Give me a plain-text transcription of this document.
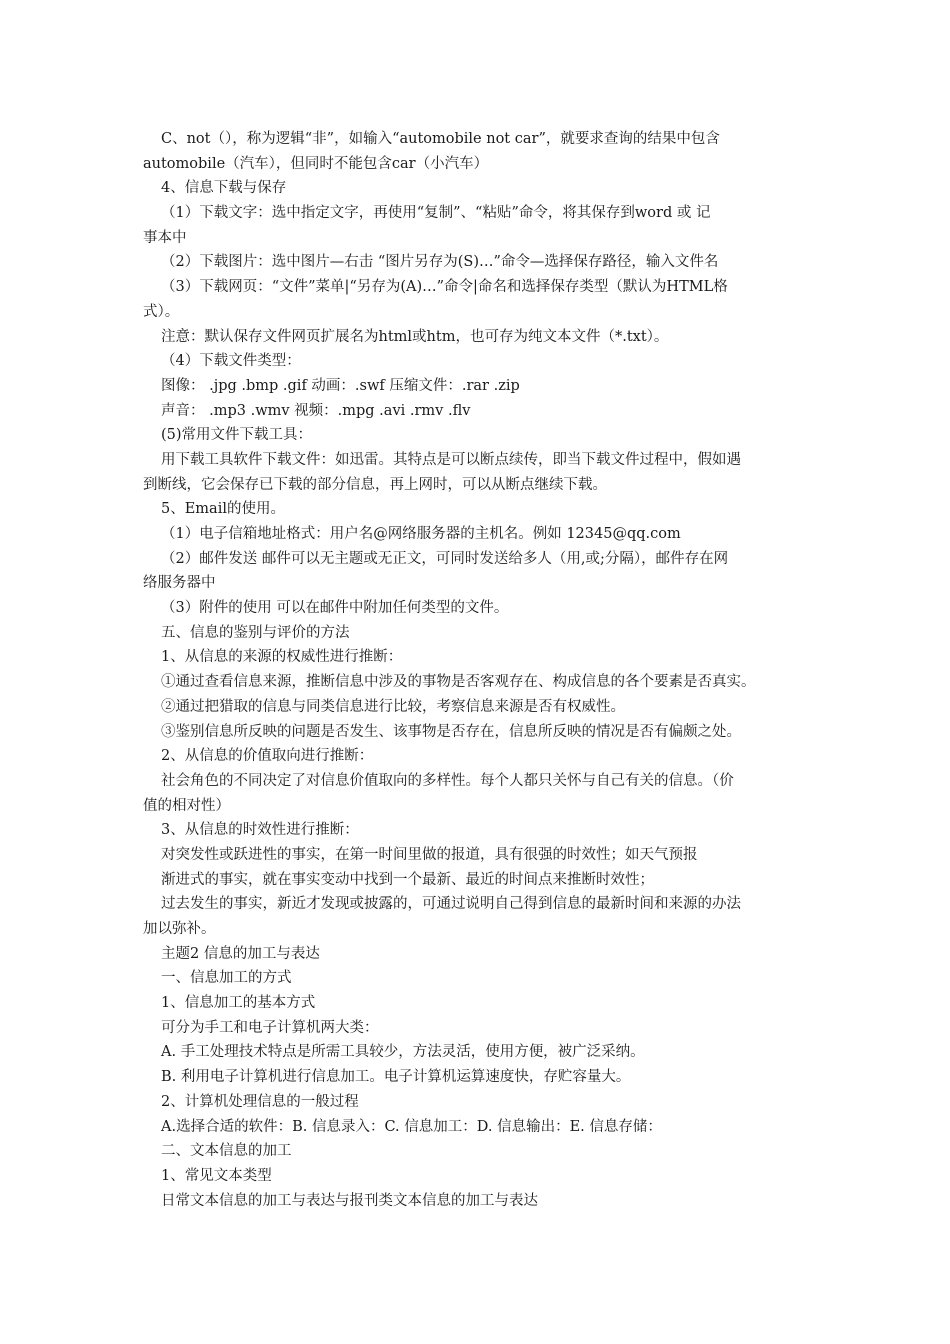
C、not（），称为逻辑“非”，如输入“automobile not car”，就要求查询的结果中包含
automobile（汽车），但同时不能包含car（小汽车）
4、信息下载与保存
（1）下载文字：选中指定文字，再使用“复制”、“粘贴”命令，将其保存到word 或 记
事本中
（2）下载图片：选中图片—右击 “图片另存为(S)…”命令—选择保存路径，输入文件名
（3）下载网页：“文件”菜单|“另存为(A)…”命令|命名和选择保存类型（默认为HTML格
式）。
注意：默认保存文件网页扩展名为html或htm，也可存为纯文本文件（*.txt）。
（4）下载文件类型：
图像： .jpg .bmp .gif 动画：.swf 压缩文件：.rar .zip
声音： .mp3 .wmv 视频：.mpg .avi .rmv .flv
(5)常用文件下载工具：
用下载工具软件下载文件：如迅雷。其特点是可以断点续传，即当下载文件过程中，假如遇
到断线，它会保存已下载的部分信息，再上网时，可以从断点继续下载。
5、Email的使用。
（1）电子信箱地址格式：用户名@网络服务器的主机名。例如 12345@qq.com
（2）邮件发送 邮件可以无主题或无正文，可同时发送给多人（用,或;分隔），邮件存在网
络服务器中
（3）附件的使用 可以在邮件中附加任何类型的文件。
五、信息的鉴别与评价的方法
1、从信息的来源的权威性进行推断：
①通过查看信息来源，推断信息中涉及的事物是否客观存在、构成信息的各个要素是否真实。
②通过把猎取的信息与同类信息进行比较，考察信息来源是否有权威性。
③鉴别信息所反映的问题是否发生、该事物是否存在，信息所反映的情况是否有偏颇之处。
2、从信息的价值取向进行推断：
社会角色的不同决定了对信息价值取向的多样性。每个人都只关怀与自己有关的信息。（价
值的相对性）
3、从信息的时效性进行推断：
对突发性或跃进性的事实，在第一时间里做的报道，具有很强的时效性；如天气预报
渐进式的事实，就在事实变动中找到一个最新、最近的时间点来推断时效性；
过去发生的事实，新近才发现或披露的，可通过说明自己得到信息的最新时间和来源的办法
加以弥补。
主题2 信息的加工与表达
一、信息加工的方式
1、信息加工的基本方式
可分为手工和电子计算机两大类：
A. 手工处理技术特点是所需工具较少，方法灵活，使用方便，被广泛采纳。
B. 利用电子计算机进行信息加工。电子计算机运算速度快，存贮容量大。
2、计算机处理信息的一般过程
A.选择合适的软件：B. 信息录入：C. 信息加工：D. 信息输出：E. 信息存储：
二、文本信息的加工
1、常见文本类型
日常文本信息的加工与表达与报刊类文本信息的加工与表达
